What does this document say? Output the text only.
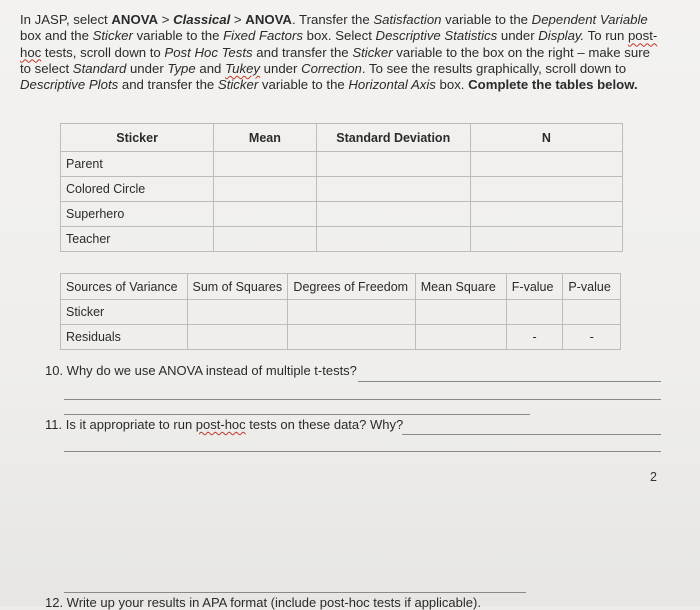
In JASP, select ANOVA > Classical > ANOVA. Transfer the Satisfaction variable to the Dependent Variable box and the Sticker variable to the Fixed Factors box. Select Descriptive Statistics under Display. To run post-hoc tests, scroll down to Post Hoc Tests and transfer the Sticker variable to the box on the right – make sure to select Standard under Type and Tukey under Correction. To see the results graphically, scroll down to Descriptive Plots and transfer the Sticker variable to the Horizontal Axis box. Complete the tables below.
Sticker	Mean	Standard Deviation	N
Parent			
Colored Circle			
Superhero			
Teacher			
Sources of Variance	Sum of Squares	Degrees of Freedom	Mean Square	F-value	P-value
Sticker					
Residuals				-	-
10. Why do we use ANOVA instead of multiple t-tests?
11. Is it appropriate to run post-hoc tests on these data? Why?
2
12. Write up your results in APA format (include post-hoc tests if applicable).
